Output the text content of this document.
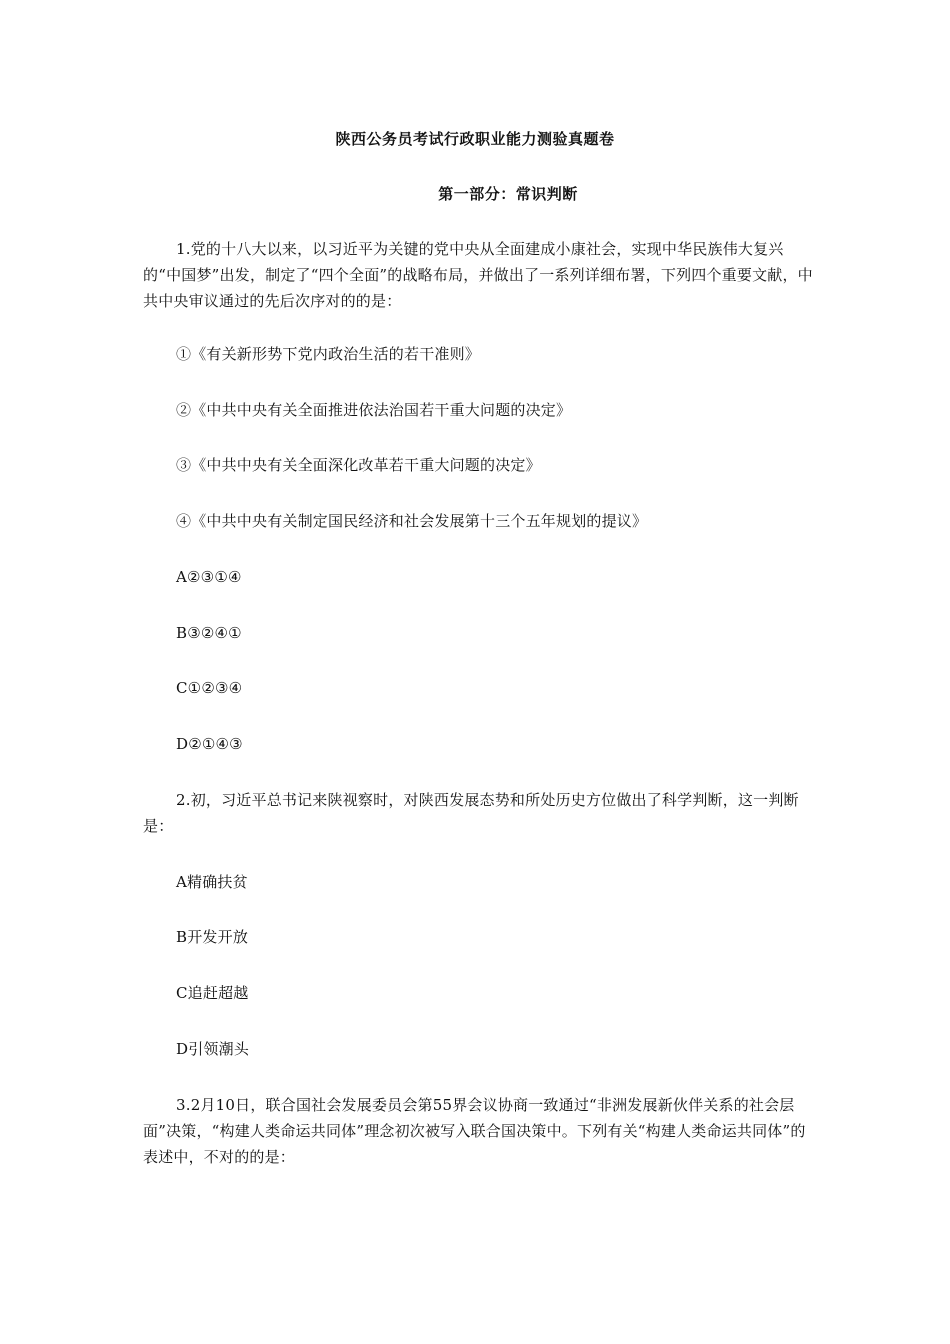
陕西公务员考试行政职业能力测验真题卷
第一部分：常识判断

1.党的十八大以来，以习近平为关键的党中央从全面建成小康社会，实现中华民族伟大复兴的“中国梦”出发，制定了“四个全面”的战略布局，并做出了一系列详细布署，下列四个重要文献，中共中央审议通过的先后次序对的的是：

①《有关新形势下党内政治生活的若干准则》

②《中共中央有关全面推进依法治国若干重大问题的决定》

③《中共中央有关全面深化改革若干重大问题的决定》

④《中共中央有关制定国民经济和社会发展第十三个五年规划的提议》

A②③①④

B③②④①

C①②③④

D②①④③

2.初，习近平总书记来陕视察时，对陕西发展态势和所处历史方位做出了科学判断，这一判断是：

A精确扶贫

B开发开放

C追赶超越

D引领潮头

3.2月10日，联合国社会发展委员会第55界会议协商一致通过“非洲发展新伙伴关系的社会层面”决策，“构建人类命运共同体”理念初次被写入联合国决策中。下列有关“构建人类命运共同体”的表述中，不对的的是：
